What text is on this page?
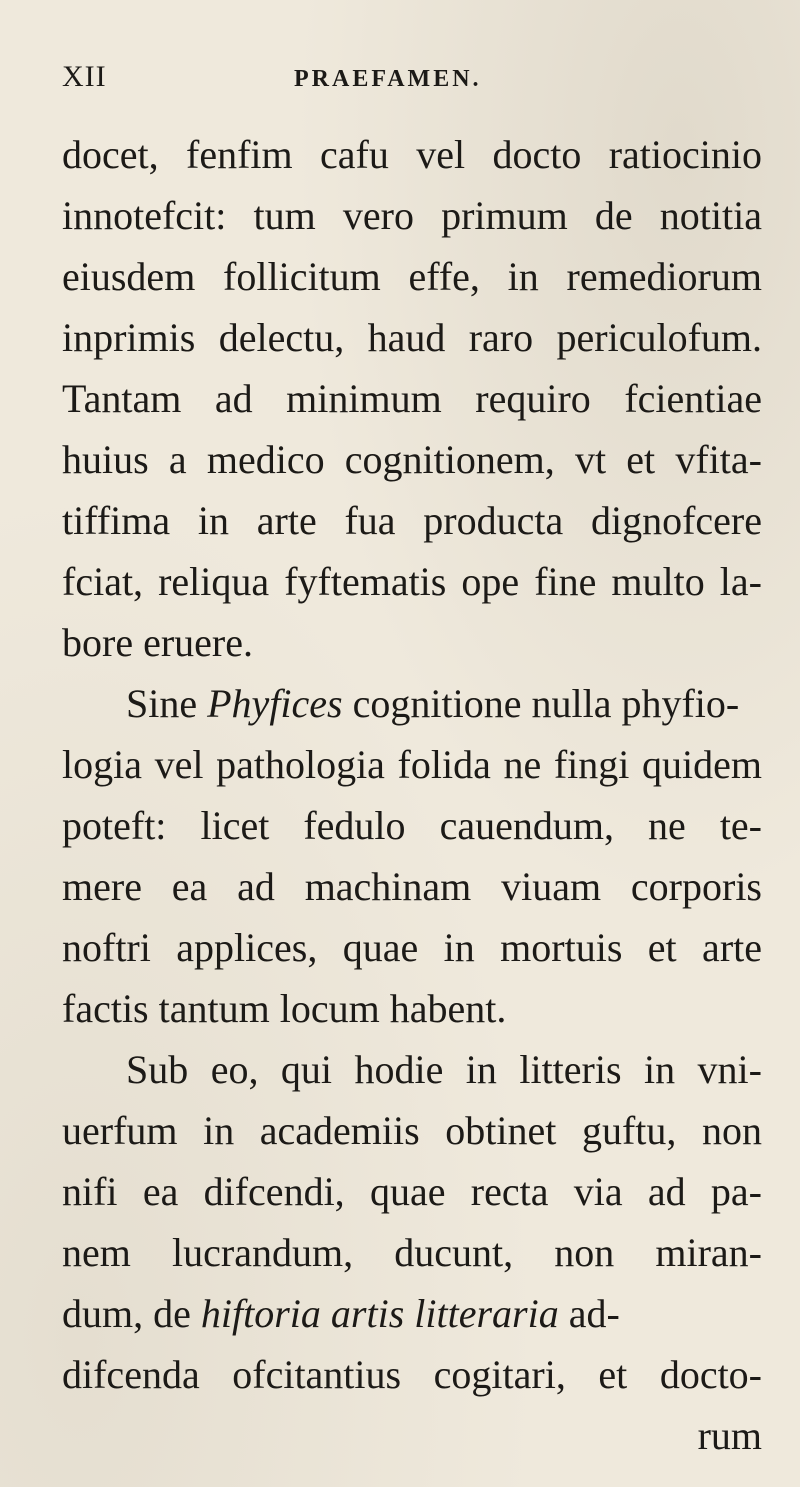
XII	PRAEFAMEN.
docet, fenfim cafu vel docto ratiocinio
innotefcit: tum vero primum de notitia
eiusdem follicitum effe, in remediorum
inprimis delectu, haud raro periculofum.
Tantam ad minimum requiro fcientiae
huius a medico cognitionem, vt et vfita-
tiffima in arte fua producta dignofcere
fciat, reliqua fyftematis ope fine multo la-
bore eruere.
Sine Phyfices cognitione nulla phyfio-
logia vel pathologia folida ne fingi quidem
poteft: licet fedulo cauendum, ne te-
mere ea ad machinam viuam corporis
noftri applices, quae in mortuis et arte
factis tantum locum habent.
Sub eo, qui hodie in litteris in vni-
uerfum in academiis obtinet guftu, non
nifi ea difcendi, quae recta via ad pa-
nem lucrandum, ducunt, non miran-
dum, de hiftoria artis litteraria ad-
difcenda ofcitantius cogitari, et docto-
rum
